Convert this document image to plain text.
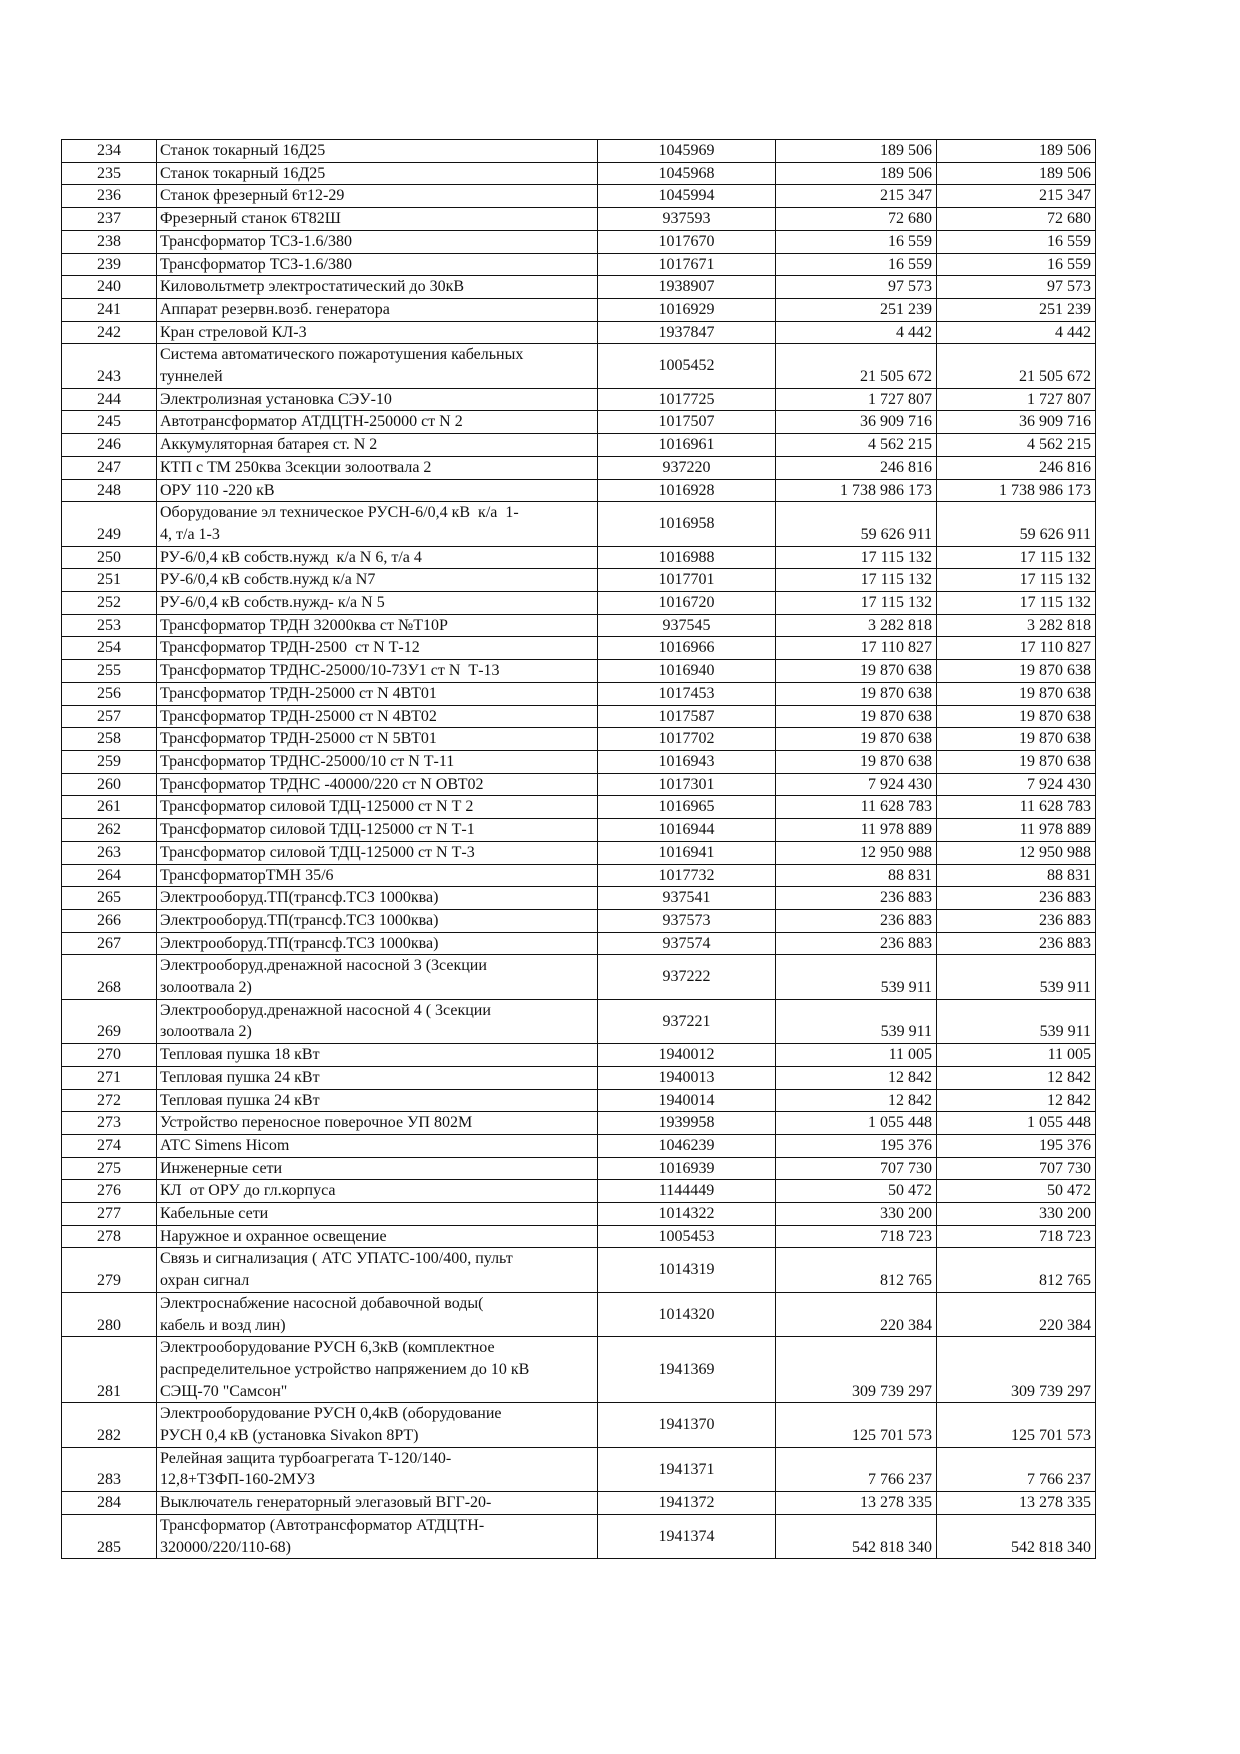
234	Станок токарный 16Д25	1045969	189 506	189 506
235	Станок токарный 16Д25	1045968	189 506	189 506
236	Станок фрезерный 6т12-29	1045994	215 347	215 347
237	Фрезерный станок 6Т82Ш	937593	72 680	72 680
238	Трансформатор ТСЗ-1.6/380	1017670	16 559	16 559
239	Трансформатор ТСЗ-1.6/380	1017671	16 559	16 559
240	Киловольтметр электростатический до 30кВ	1938907	97 573	97 573
241	Аппарат резервн.возб. генератора	1016929	251 239	251 239
242	Кран стреловой КЛ-3	1937847	4 442	4 442
243	Система автоматического пожаротушения кабельных
туннелей	1005452	21 505 672	21 505 672
244	Электролизная установка СЭУ-10	1017725	1 727 807	1 727 807
245	Автотрансформатор АТДЦТН-250000 ст N 2	1017507	36 909 716	36 909 716
246	Аккумуляторная батарея ст. N 2	1016961	4 562 215	4 562 215
247	КТП с ТМ 250ква 3секции золоотвала 2	937220	246 816	246 816
248	ОРУ 110 -220 кВ	1016928	1 738 986 173	1 738 986 173
249	Оборудование эл техническое РУСН-6/0,4 кВ  к/а  1-
4, т/а 1-3	1016958	59 626 911	59 626 911
250	РУ-6/0,4 кВ собств.нужд  к/а N 6, т/а 4	1016988	17 115 132	17 115 132
251	РУ-6/0,4 кВ собств.нужд к/а N7	1017701	17 115 132	17 115 132
252	РУ-6/0,4 кВ собств.нужд- к/а N 5	1016720	17 115 132	17 115 132
253	Трансформатор ТРДН 32000ква ст №Т10Р	937545	3 282 818	3 282 818
254	Трансформатор ТРДН-2500  ст N Т-12	1016966	17 110 827	17 110 827
255	Трансформатор ТРДНС-25000/10-73У1 ст N  Т-13	1016940	19 870 638	19 870 638
256	Трансформатор ТРДН-25000 ст N 4ВТ01	1017453	19 870 638	19 870 638
257	Трансформатор ТРДН-25000 ст N 4ВТ02	1017587	19 870 638	19 870 638
258	Трансформатор ТРДН-25000 ст N 5ВТ01	1017702	19 870 638	19 870 638
259	Трансформатор ТРДНС-25000/10 ст N Т-11	1016943	19 870 638	19 870 638
260	Трансформатор ТРДНС -40000/220 ст N ОВТ02	1017301	7 924 430	7 924 430
261	Трансформатор силовой ТДЦ-125000 ст N Т 2	1016965	11 628 783	11 628 783
262	Трансформатор силовой ТДЦ-125000 ст N Т-1	1016944	11 978 889	11 978 889
263	Трансформатор силовой ТДЦ-125000 ст N Т-3	1016941	12 950 988	12 950 988
264	ТрансформаторТМН 35/6	1017732	88 831	88 831
265	Электрооборуд.ТП(трансф.ТСЗ 1000ква)	937541	236 883	236 883
266	Электрооборуд.ТП(трансф.ТСЗ 1000ква)	937573	236 883	236 883
267	Электрооборуд.ТП(трансф.ТСЗ 1000ква)	937574	236 883	236 883
268	Электрооборуд.дренажной насосной 3 (3секции
золоотвала 2)	937222	539 911	539 911
269	Электрооборуд.дренажной насосной 4 ( 3секции
золоотвала 2)	937221	539 911	539 911
270	Тепловая пушка 18 кВт	1940012	11 005	11 005
271	Тепловая пушка 24 кВт	1940013	12 842	12 842
272	Тепловая пушка 24 кВт	1940014	12 842	12 842
273	Устройство переносное поверочное УП 802М	1939958	1 055 448	1 055 448
274	АТС Simens Hicom	1046239	195 376	195 376
275	Инженерные сети	1016939	707 730	707 730
276	КЛ  от ОРУ до гл.корпуса	1144449	50 472	50 472
277	Кабельные сети	1014322	330 200	330 200
278	Наружное и охранное освещение	1005453	718 723	718 723
279	Связь и сигнализация ( АТС УПАТС-100/400, пульт
охран сигнал	1014319	812 765	812 765
280	Электроснабжение насосной добавочной воды(
кабель и возд лин)	1014320	220 384	220 384
281	Электрооборудование РУСН 6,3кВ (комплектное
распределительное устройство напряжением до 10 кВ
СЭЩ-70 "Самсон"	1941369	309 739 297	309 739 297
282	Электрооборудование РУСН 0,4кВ (оборудование
РУСН 0,4 кВ (установка Sivakon 8PT)	1941370	125 701 573	125 701 573
283	Релейная защита турбоагрегата Т-120/140-
12,8+ТЗФП-160-2МУЗ	1941371	7 766 237	7 766 237
284	Выключатель генераторный элегазовый ВГГ-20-	1941372	13 278 335	13 278 335
285	Трансформатор (Автотрансформатор АТДЦТН-
320000/220/110-68)	1941374	542 818 340	542 818 340
